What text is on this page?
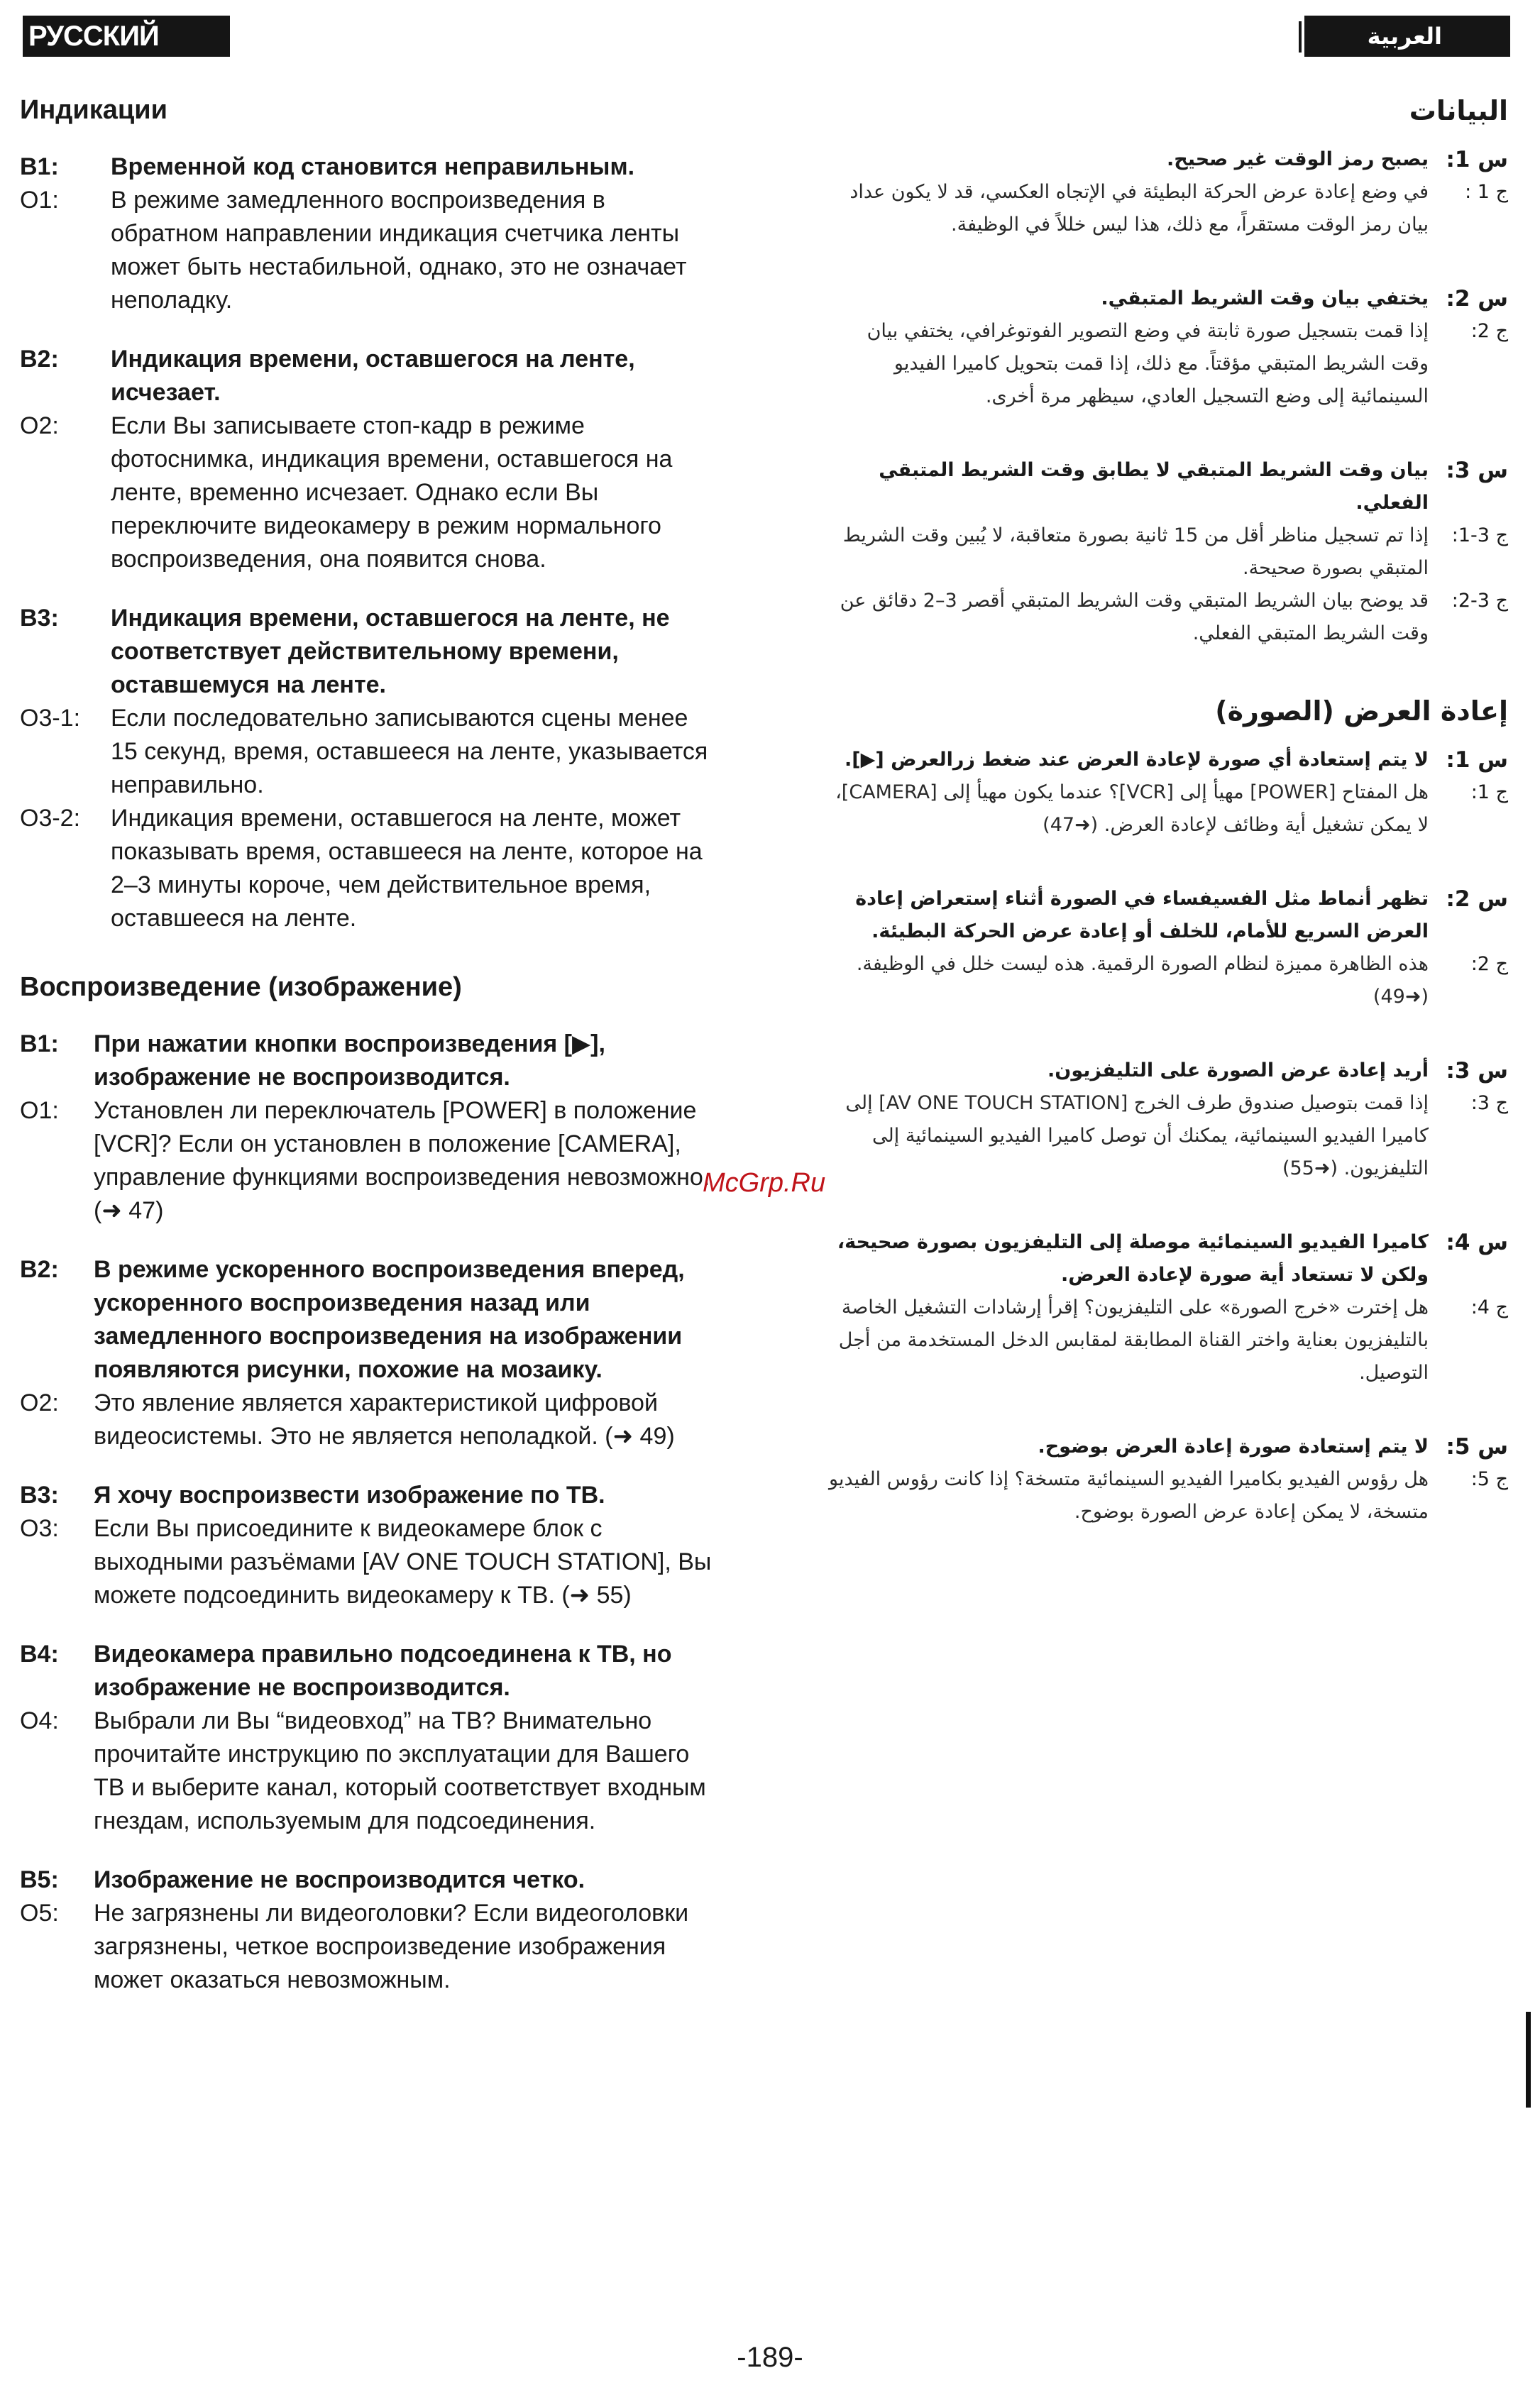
РУССКИЙ ЯЗЫК
العربية
Индикации
В1:	Временной код становится неправильным.
О1:	В режиме замедленного воспроизведения в обратном направлении индикация счетчика ленты может быть нестабильной, однако, это не означает неполадку.
В2:	Индикация времени, оставшегося на ленте, исчезает.
О2:	Если Вы записываете стоп-кадр в режиме фотоснимка, индикация времени, оставшегося на ленте, временно исчезает. Однако если Вы переключите видеокамеру в режим нормального воспроизведения, она появится снова.
В3:	Индикация времени, оставшегося на ленте, не соответствует действительному времени, оставшемуся на ленте.
О3-1:	Если последовательно записываются сцены менее 15 секунд, время, оставшееся на ленте, указывается неправильно.
О3-2:	Индикация времени, оставшегося на ленте, может показывать время, оставшееся на ленте, которое на 2–3 минуты короче, чем действительное время, оставшееся на ленте.
Воспроизведение (изображение)
В1:	При нажатии кнопки воспроизведения [▶], изображение не воспроизводится.
О1:	Установлен ли переключатель [POWER] в положение [VCR]? Если он установлен в положение [CAMERA], управление функциями воспроизведения невозможно. (➜ 47)
В2:	В режиме ускоренного воспроизведения вперед, ускоренного воспроизведения назад или замедленного воспроизведения на изображении появляются рисунки, похожие на мозаику.
О2:	Это явление является характеристикой цифровой видеосистемы. Это не является неполадкой. (➜ 49)
В3:	Я хочу воспроизвести изображение по ТВ.
О3:	Если Вы присоедините к видеокамере блок с выходными разъёмами [AV ONE TOUCH STATION], Вы можете подсоединить видеокамеру к ТВ. (➜ 55)
В4:	Видеокамера правильно подсоединена к ТВ, но изображение не воспроизводится.
О4:	Выбрали ли Вы “видеовход” на ТВ? Внимательно прочитайте инструкцию по эксплуатации для Вашего ТВ и выберите канал, который соответствует входным гнездам, используемым для подсоединения.
В5:	Изображение не воспроизводится четко.
О5:	Не загрязнены ли видеоголовки? Если видеоголовки загрязнены, четкое воспроизведение изображения может оказаться невозможным.
البيانات
س 1:
يصبح رمز الوقت غير صحيح.
ج 1 :
في وضع إعادة عرض الحركة البطيئة في الإتجاه العكسي، قد لا يكون عداد بيان رمز الوقت مستقراً، مع ذلك، هذا ليس خللاً في الوظيفة.
س 2:
يختفي بيان وقت الشريط المتبقي.
ج 2:
إذا قمت بتسجيل صورة ثابتة في وضع التصوير الفوتوغرافي، يختفي بيان وقت الشريط المتبقي مؤقتاً. مع ذلك، إذا قمت بتحويل كاميرا الفيديو السينمائية إلى وضع التسجيل العادي، سيظهر مرة أخرى.
س 3:
بيان وقت الشريط المتبقي لا يطابق وقت الشريط المتبقي الفعلي.
ج 3-1:
إذا تم تسجيل مناظر أقل من 15 ثانية بصورة متعاقبة، لا يُبين وقت الشريط المتبقي بصورة صحيحة.
ج 3-2:
قد يوضح بيان الشريط المتبقي وقت الشريط المتبقي أقصر 3–2 دقائق عن وقت الشريط المتبقي الفعلي.
إعادة العرض (الصورة)
س 1:
لا يتم إستعادة أي صورة لإعادة العرض عند ضغط زرالعرض [▶].
ج 1:
هل المفتاح [POWER] مهيأ إلى [VCR]؟ عندما يكون مهيأ إلى [CAMERA]، لا يمكن تشغيل أية وظائف لإعادة العرض. (➜47)
س 2:
تظهر أنماط مثل الفسيفساء في الصورة أثناء إستعراض إعادة العرض السريع للأمام، للخلف أو إعادة عرض الحركة البطيئة.
ج 2:
هذه الظاهرة مميزة لنظام الصورة الرقمية. هذه ليست خلل في الوظيفة. (➜49)
س 3:
أريد إعادة عرض الصورة على التليفزيون.
ج 3:
إذا قمت بتوصيل صندوق طرف الخرج [AV ONE TOUCH STATION] إلى كاميرا الفيديو السينمائية، يمكنك أن توصل كاميرا الفيديو السينمائية إلى التليفزيون. (➜55)
س 4:
كاميرا الفيديو السينمائية موصلة إلى التليفزيون بصورة صحيحة، ولكن لا تستعاد أية صورة لإعادة العرض.
ج 4:
هل إخترت «خرج الصورة» على التليفزيون؟ إقرأ إرشادات التشغيل الخاصة بالتليفزيون بعناية واختر القناة المطابقة لمقابس الدخل المستخدمة من أجل التوصيل.
س 5:
لا يتم إستعادة صورة إعادة العرض بوضوح.
ج 5:
هل رؤوس الفيديو بكاميرا الفيديو السينمائية متسخة؟ إذا كانت رؤوس الفيديو متسخة، لا يمكن إعادة عرض الصورة بوضوح.
McGrp.Ru
-189-
